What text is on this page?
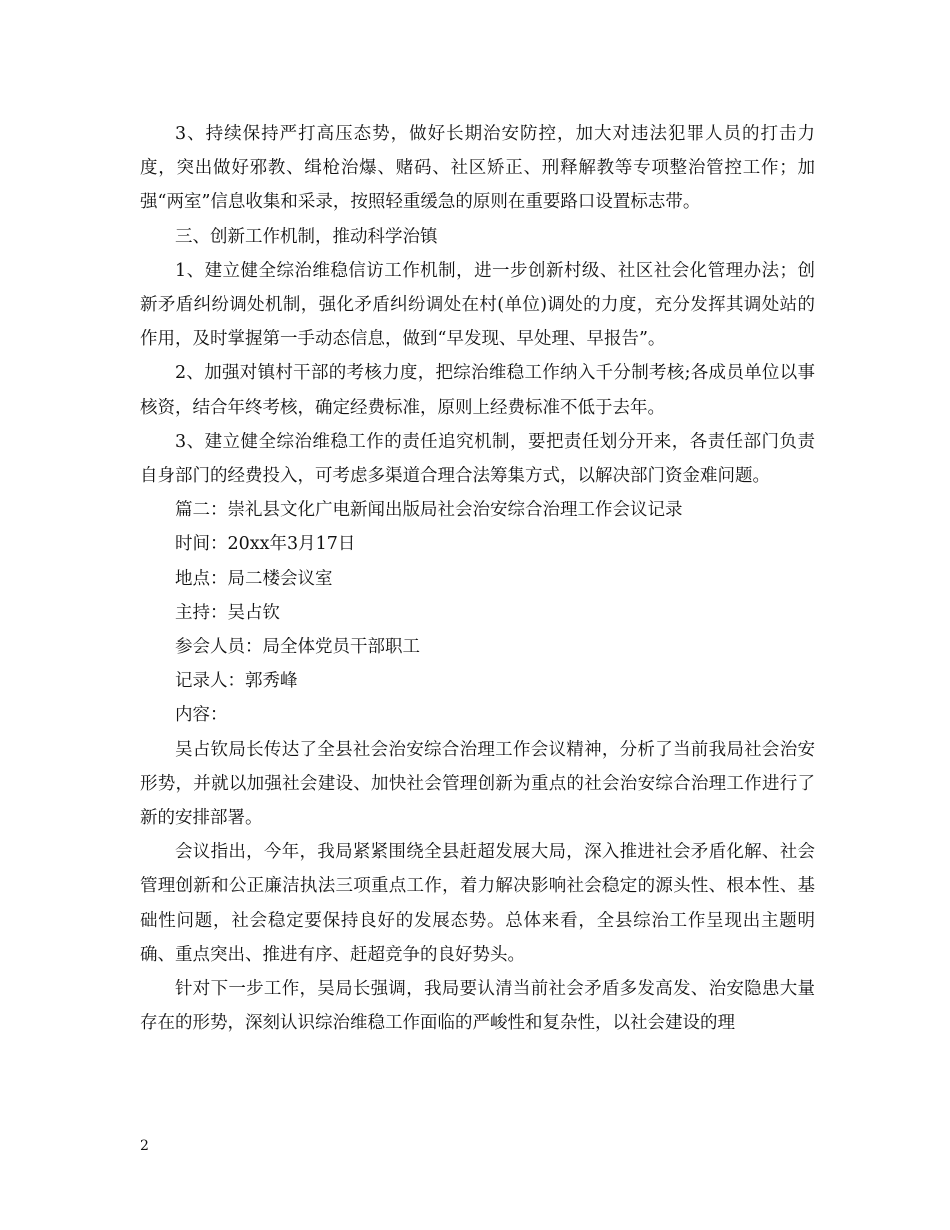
3、持续保持严打高压态势，做好长期治安防控，加大对违法犯罪人员的打击力度，突出做好邪教、缉枪治爆、赌码、社区矫正、刑释解教等专项整治管控工作；加强“两室”信息收集和采录，按照轻重缓急的原则在重要路口设置标志带。

三、创新工作机制，推动科学治镇

1、建立健全综治维稳信访工作机制，进一步创新村级、社区社会化管理办法；创新矛盾纠纷调处机制，强化矛盾纠纷调处在村(单位)调处的力度，充分发挥其调处站的作用，及时掌握第一手动态信息，做到“早发现、早处理、早报告”。

2、加强对镇村干部的考核力度，把综治维稳工作纳入千分制考核;各成员单位以事核资，结合年终考核，确定经费标准，原则上经费标准不低于去年。

3、建立健全综治维稳工作的责任追究机制，要把责任划分开来，各责任部门负责自身部门的经费投入，可考虑多渠道合理合法筹集方式，以解决部门资金难问题。

篇二：崇礼县文化广电新闻出版局社会治安综合治理工作会议记录

时间：20xx年3月17日

地点：局二楼会议室

主持：吴占钦

参会人员：局全体党员干部职工

记录人：郭秀峰

内容：

吴占钦局长传达了全县社会治安综合治理工作会议精神，分析了当前我局社会治安形势，并就以加强社会建设、加快社会管理创新为重点的社会治安综合治理工作进行了新的安排部署。

会议指出，今年，我局紧紧围绕全县赶超发展大局，深入推进社会矛盾化解、社会管理创新和公正廉洁执法三项重点工作，着力解决影响社会稳定的源头性、根本性、基础性问题，社会稳定要保持良好的发展态势。总体来看，全县综治工作呈现出主题明确、重点突出、推进有序、赶超竞争的良好势头。

针对下一步工作，吴局长强调，我局要认清当前社会矛盾多发高发、治安隐患大量存在的形势，深刻认识综治维稳工作面临的严峻性和复杂性，以社会建设的理

2
